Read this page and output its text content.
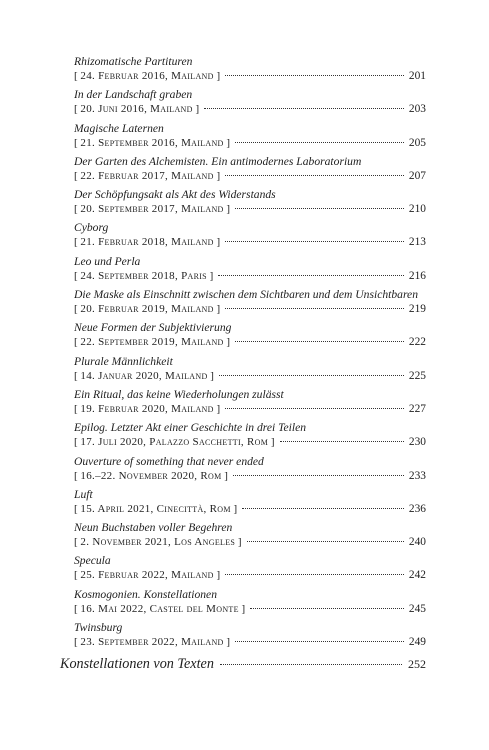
Rhizomatische Partituren
[ 24. Februar 2016, Mailand ]	201
In der Landschaft graben
[ 20. Juni 2016, Mailand ]	203
Magische Laternen
[ 21. September 2016, Mailand ]	205
Der Garten des Alchemisten. Ein antimodernes Laboratorium
[ 22. Februar 2017, Mailand ]	207
Der Schöpfungsakt als Akt des Widerstands
[ 20. September 2017, Mailand ]	210
Cyborg
[ 21. Februar 2018, Mailand ]	213
Leo und Perla
[ 24. September 2018, Paris ]	216
Die Maske als Einschnitt zwischen dem Sichtbaren und dem Unsichtbaren
[ 20. Februar 2019, Mailand ]	219
Neue Formen der Subjektivierung
[ 22. September 2019, Mailand ]	222
Plurale Männlichkeit
[ 14. Januar 2020, Mailand ]	225
Ein Ritual, das keine Wiederholungen zulässt
[ 19. Februar 2020, Mailand ]	227
Epilog. Letzter Akt einer Geschichte in drei Teilen
[ 17. Juli 2020, Palazzo Sacchetti, Rom ]	230
Ouverture of something that never ended
[ 16.–22. November 2020, Rom ]	233
Luft
[ 15. April 2021, Cinecittà, Rom ]	236
Neun Buchstaben voller Begehren
[ 2. November 2021, Los Angeles ]	240
Specula
[ 25. Februar 2022, Mailand ]	242
Kosmogonien. Konstellationen
[ 16. Mai 2022, Castel del Monte ]	245
Twinsburg
[ 23. September 2022, Mailand ]	249
Konstellationen von Texten	252
